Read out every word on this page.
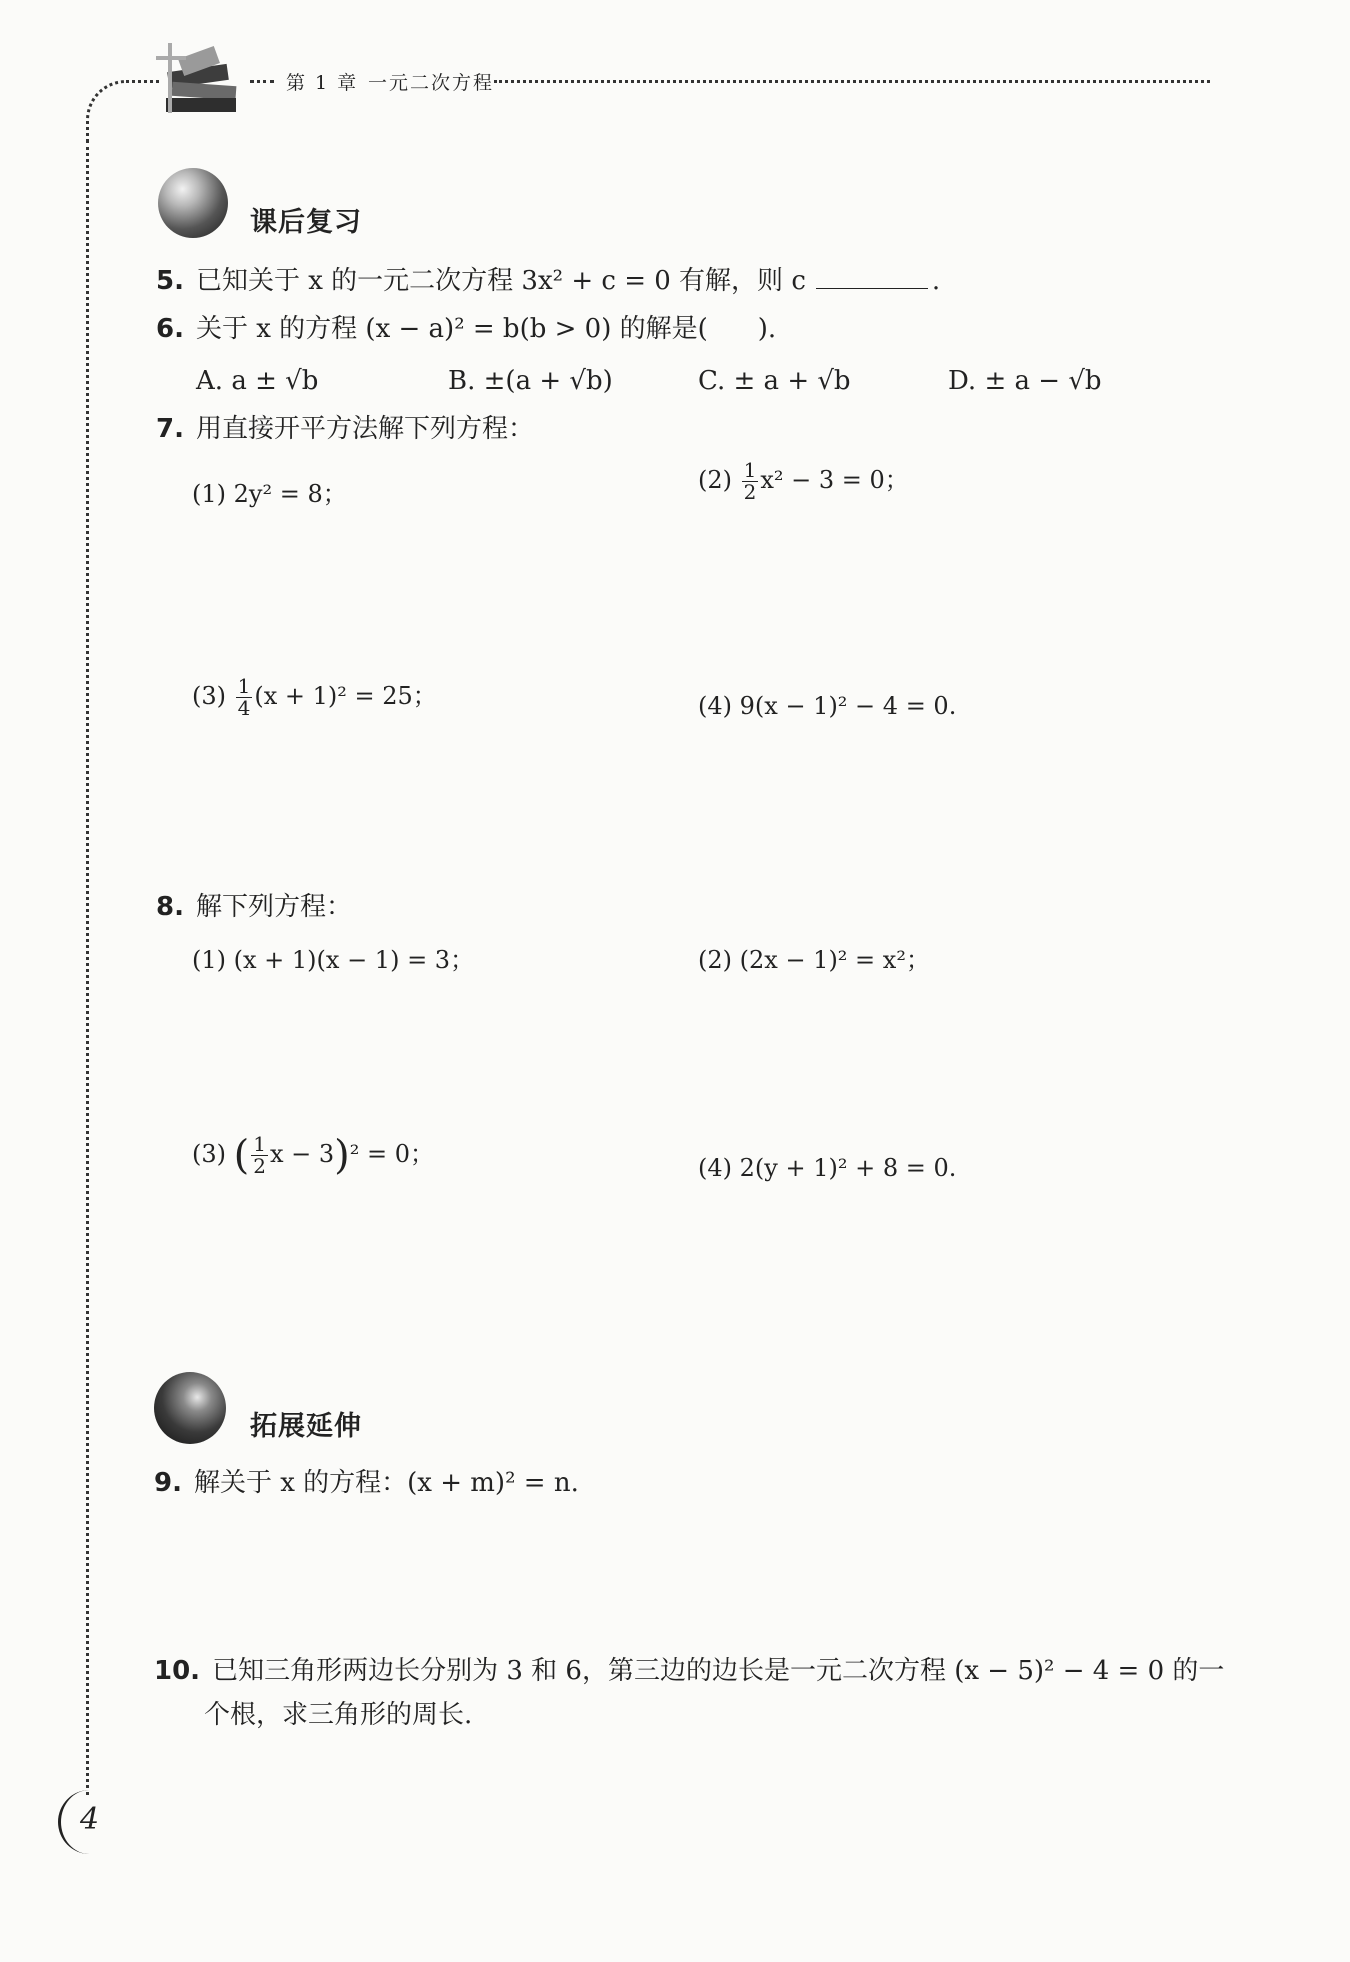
第 1 章 一元二次方程
课后复习
5. 已知关于 x 的一元二次方程 3x² + c = 0 有解，则 c	.
6. 关于 x 的方程 (x − a)² = b(b > 0) 的解是( ).
A. a ± √b	B. ±(a + √b)	C. ± a + √b	D. ± a − √b
7. 用直接开平方法解下列方程：
(1) 2y² = 8；	$(2) \frac{1}{2} x^2 - 3 = 0$；
$(3) \frac{1}{4} (x + 1)^2 = 25$；	(4) 9(x − 1)² − 4 = 0.
8. 解下列方程：
(1) (x + 1)(x − 1) = 3；	(2) (2x − 1)² = x²；
(3) ( $\frac{1}{2}$ x − 3)² = 0；	(4) 2(y + 1)² + 8 = 0.
拓展延伸
9. 解关于 x 的方程：(x + m)² = n.
10. 已知三角形两边长分别为 3 和 6，第三边的边长是一元二次方程 (x − 5)² − 4 = 0 的一
个根，求三角形的周长.
4
